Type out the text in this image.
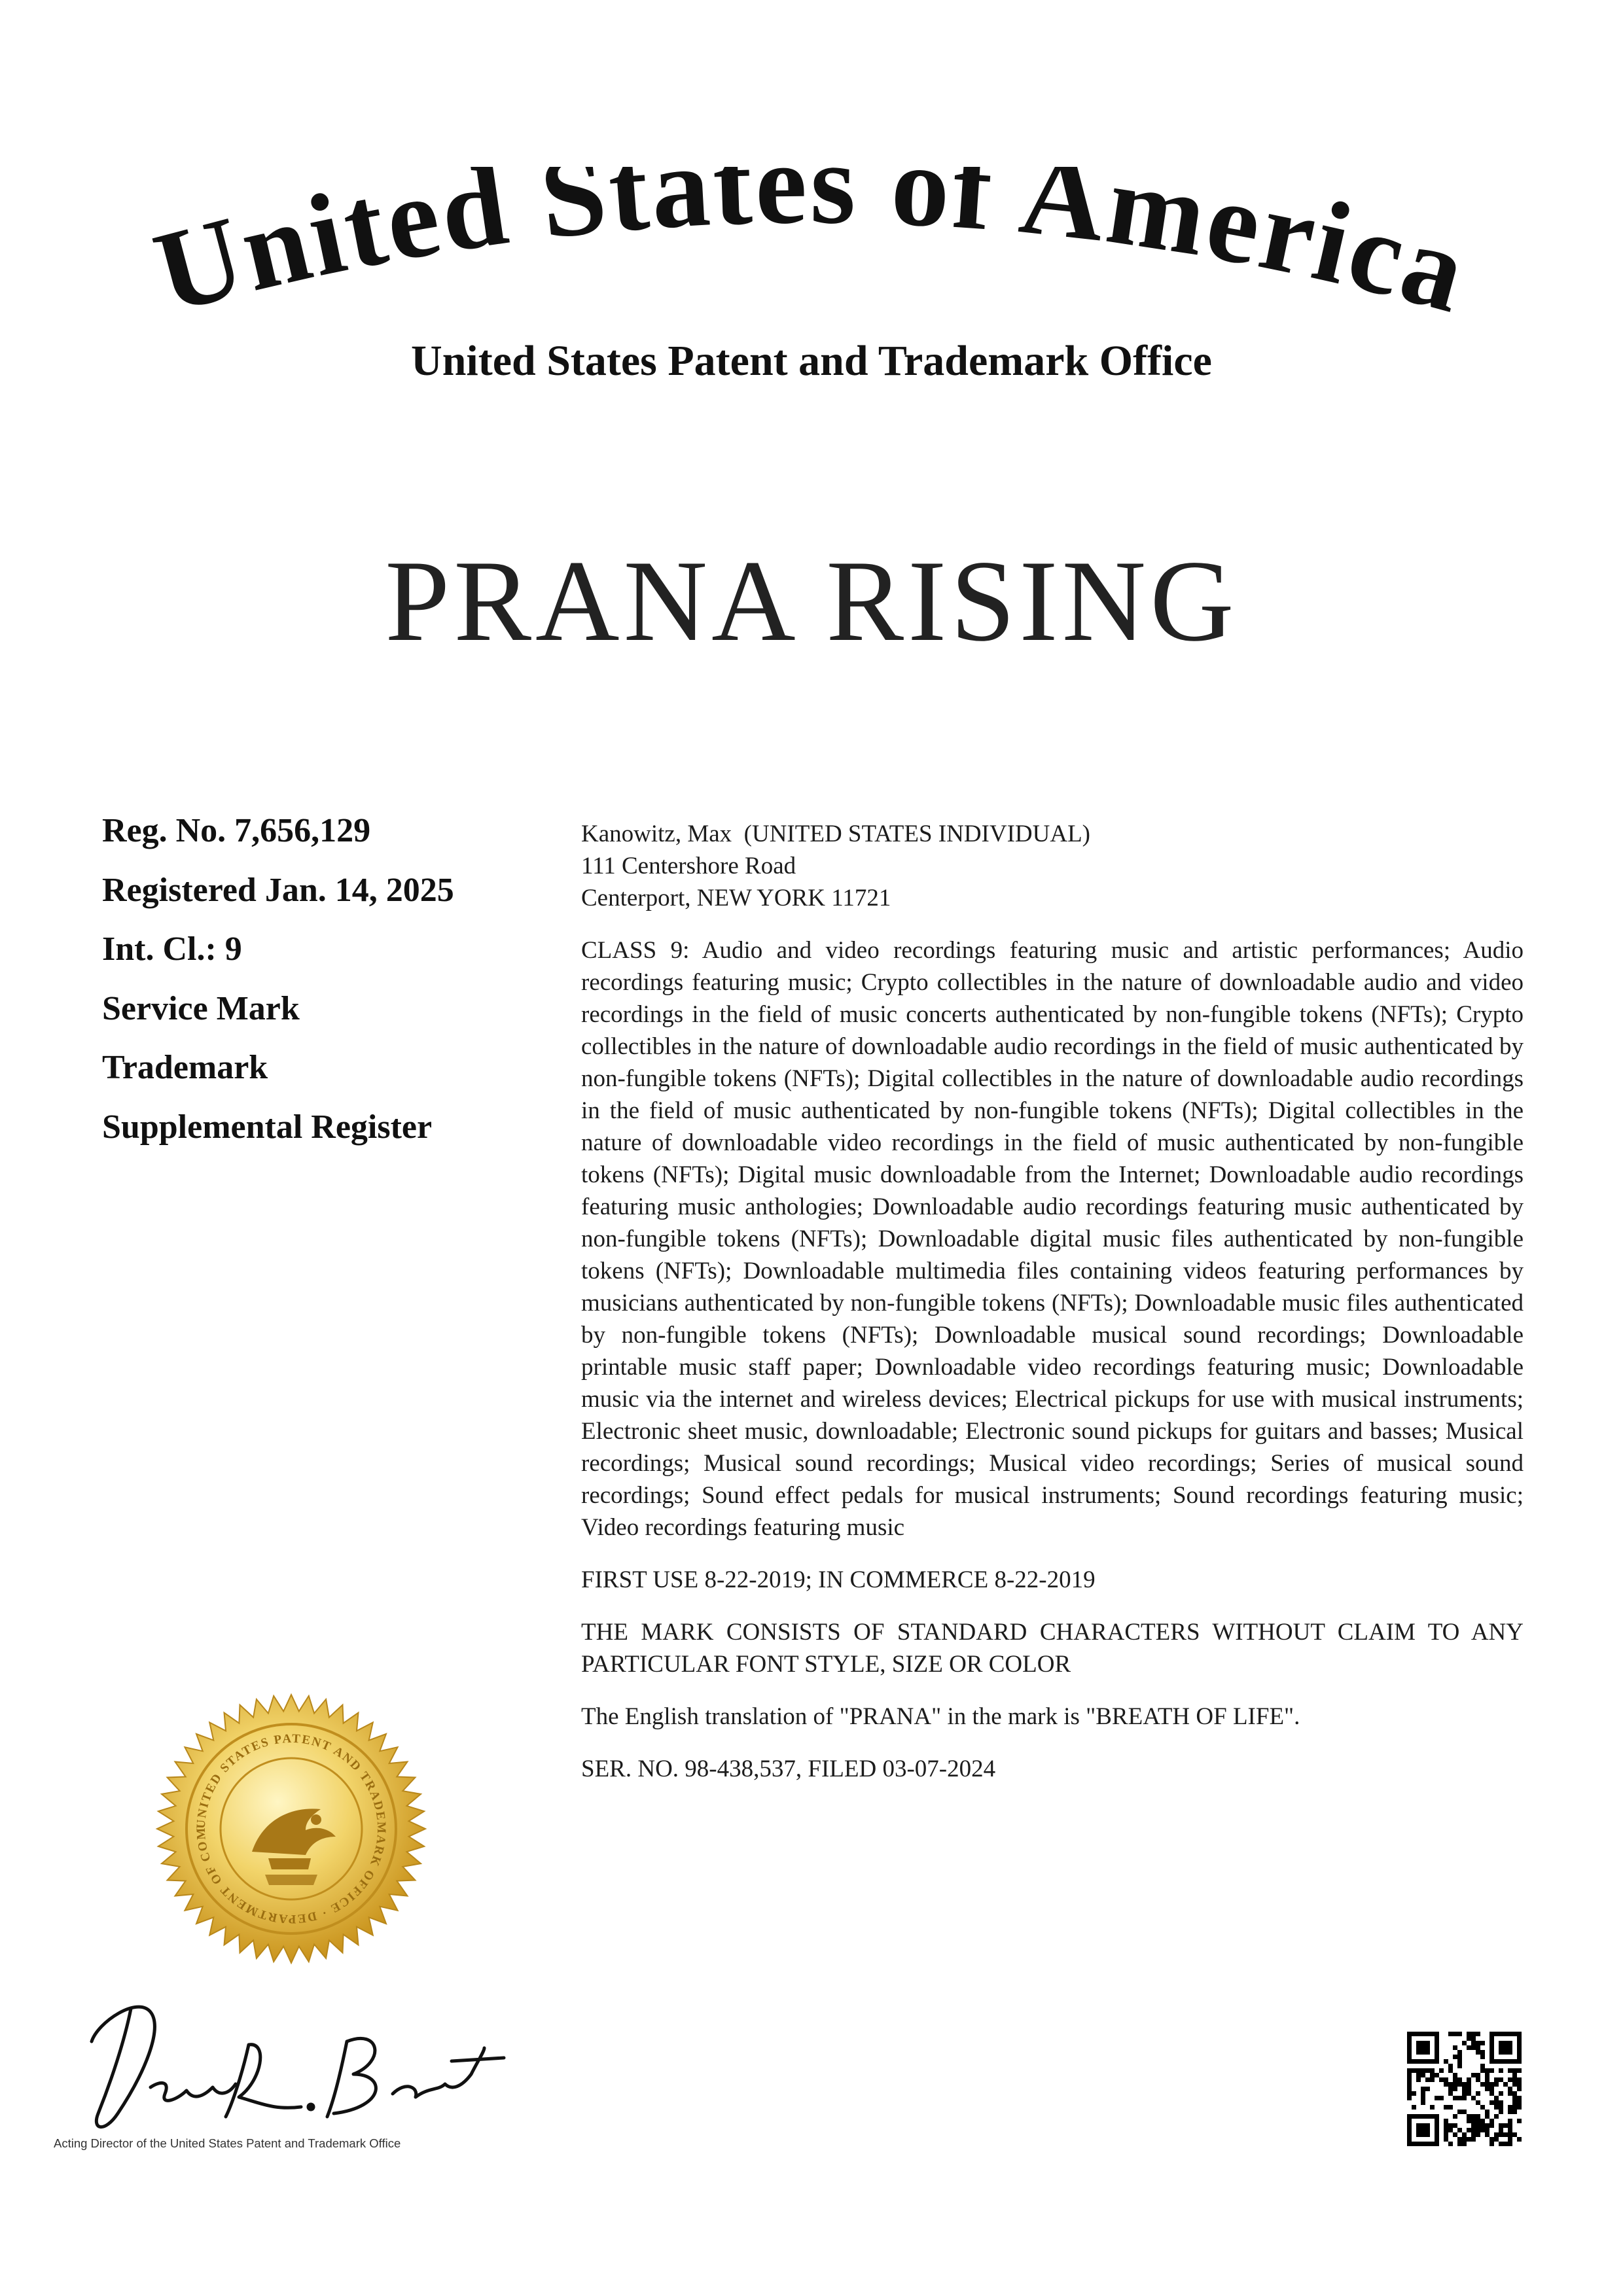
United States of America
United States Patent and Trademark Office
PRANA RISING
Reg. No. 7,656,129
Registered Jan. 14, 2025
Int. Cl.: 9
Service Mark
Trademark
Supplemental Register

Kanowitz, Max  (UNITED STATES INDIVIDUAL)
111 Centershore Road
Centerport, NEW YORK 11721

CLASS 9: Audio and video recordings featuring music and artistic performances; Audio recordings featuring music; Crypto collectibles in the nature of downloadable audio and video recordings in the field of music concerts authenticated by non-fungible tokens (NFTs); Crypto collectibles in the nature of downloadable audio recordings in the field of music authenticated by non-fungible tokens (NFTs); Digital collectibles in the nature of downloadable audio recordings in the field of music authenticated by non-fungible tokens (NFTs); Digital collectibles in the nature of downloadable video recordings in the field of music authenticated by non-fungible tokens (NFTs); Digital music downloadable from the Internet; Downloadable audio recordings featuring music anthologies; Downloadable audio recordings featuring music authenticated by non-fungible tokens (NFTs); Downloadable digital music files authenticated by non-fungible tokens (NFTs); Downloadable multimedia files containing videos featuring performances by musicians authenticated by non-fungible tokens (NFTs); Downloadable music files authenticated by non-fungible tokens (NFTs); Downloadable musical sound recordings; Downloadable printable music staff paper; Downloadable video recordings featuring music; Downloadable music via the internet and wireless devices; Electrical pickups for use with musical instruments; Electronic sheet music, downloadable; Electronic sound pickups for guitars and basses; Musical recordings; Musical sound recordings; Musical video recordings; Series of musical sound recordings; Sound effect pedals for musical instruments; Sound recordings featuring music; Video recordings featuring music

FIRST USE 8-22-2019; IN COMMERCE 8-22-2019

THE MARK CONSISTS OF STANDARD CHARACTERS WITHOUT CLAIM TO ANY PARTICULAR FONT STYLE, SIZE OR COLOR

The English translation of "PRANA" in the mark is "BREATH OF LIFE".

SER. NO. 98-438,537, FILED 03-07-2024

UNITED STATES PATENT AND TRADEMARK OFFICE · DEPARTMENT OF COM
Acting Director of the United States Patent and Trademark Office
